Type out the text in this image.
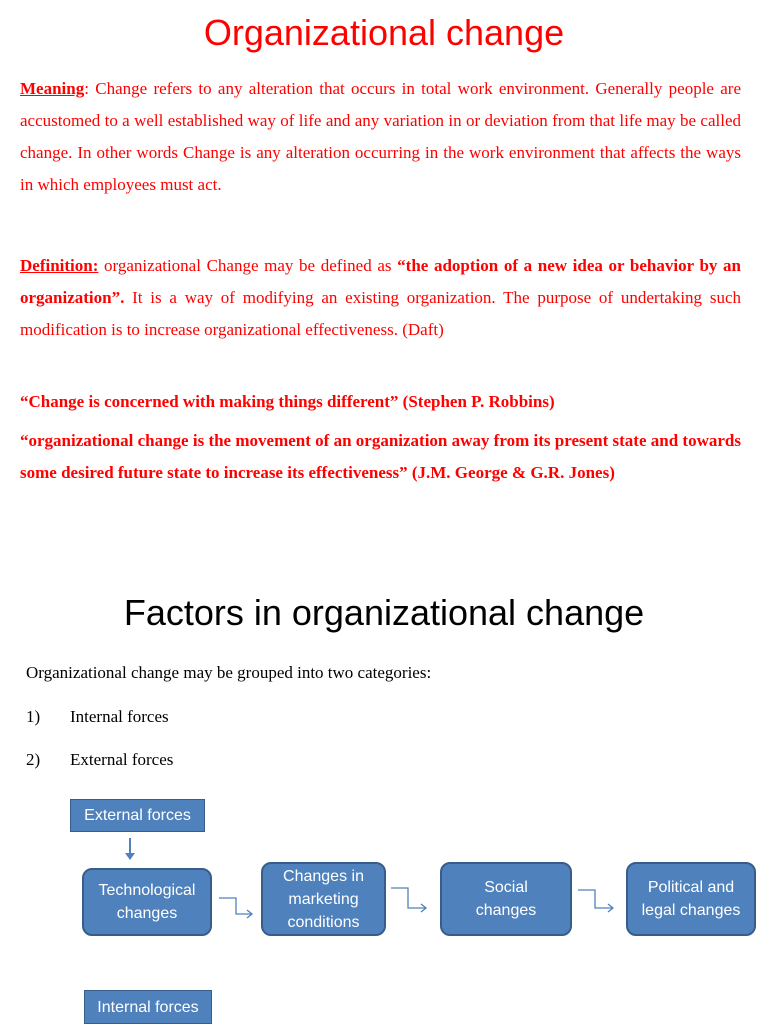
Organizational change

Meaning: Change refers to any alteration that occurs in total work environment. Generally people are accustomed to a well established way of life and any variation in or deviation from that life may be called change. In other words Change is any alteration occurring in the work environment that affects the ways in which employees must act.

Definition: organizational Change may be defined as “the adoption of a new idea or behavior by an organization”. It is a way of modifying an existing organization. The purpose of undertaking such modification is to increase organizational effectiveness. (Daft)

“Change is concerned with making things different” (Stephen P. Robbins)

“organizational change is the movement of an organization away from its present state and towards some desired future state to increase its effectiveness” (J.M. George & G.R. Jones)

Factors in organizational change

Organizational change may be grouped into two categories:

1) Internal forces
2) External forces
External forces
Technological
changes
Changes in
marketing
conditions
Social
changes
Political and
legal changes
Internal forces
